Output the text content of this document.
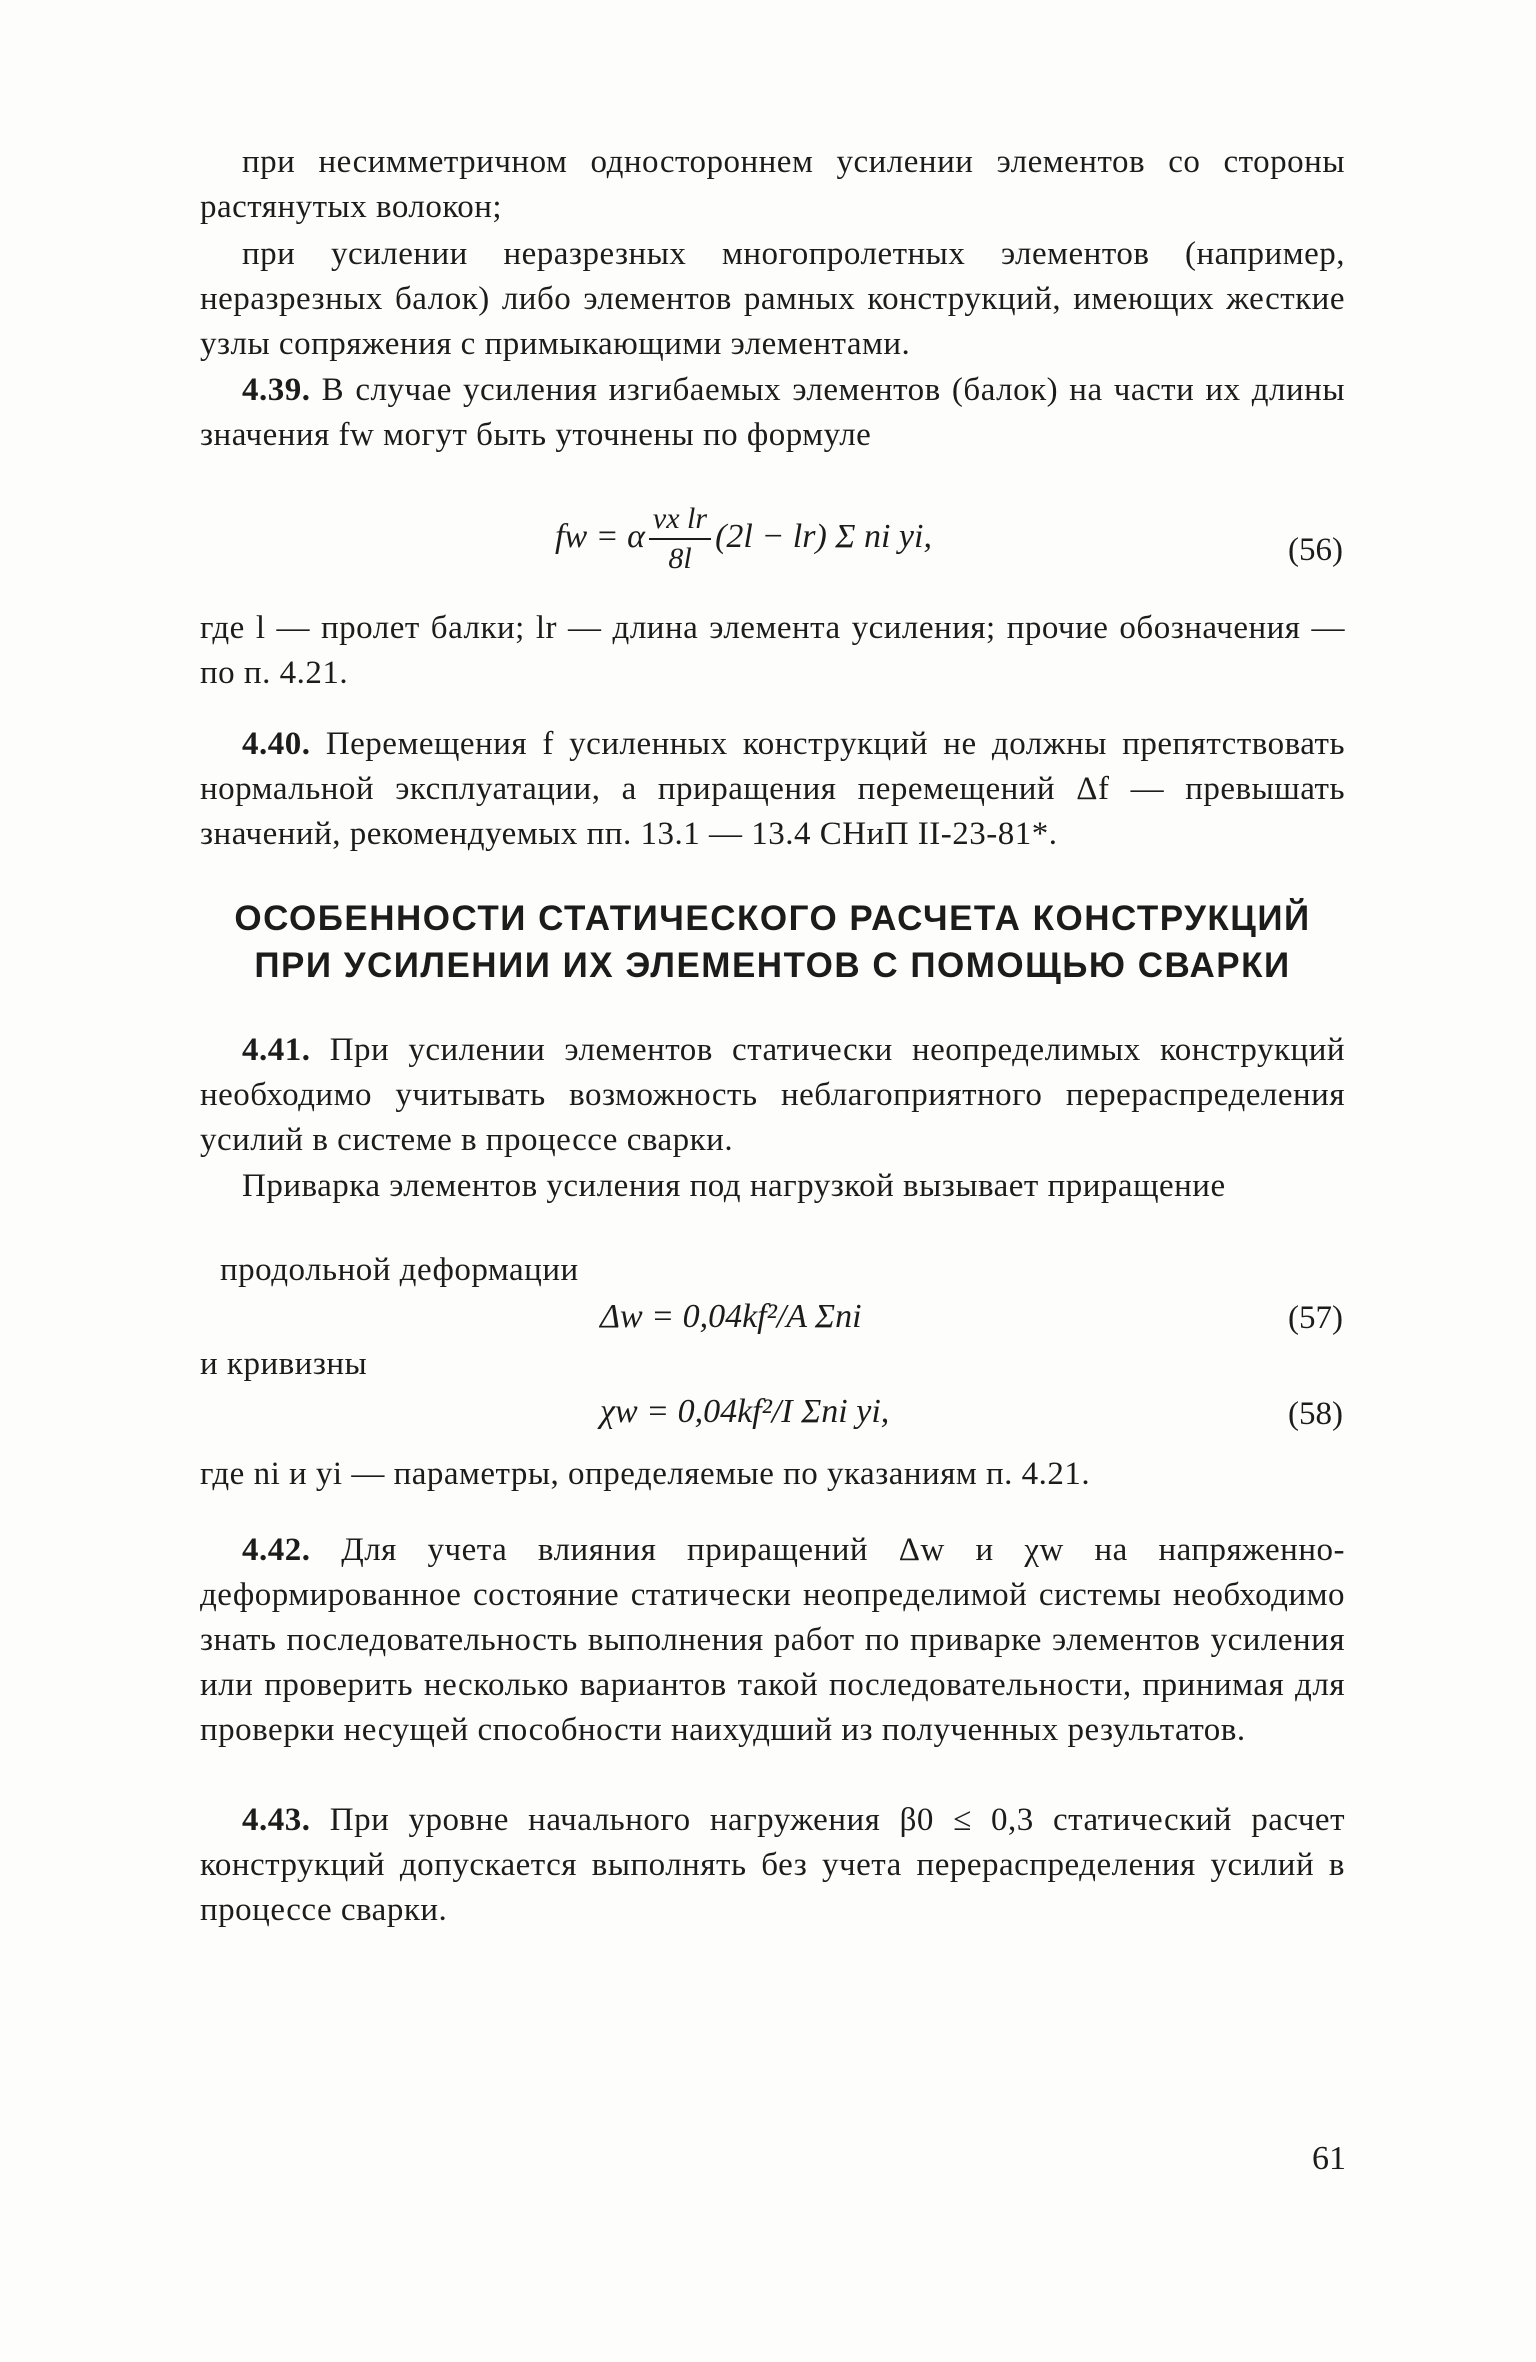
при несимметричном одностороннем усилении элементов со стороны растянутых волокон;

при усилении неразрезных многопролетных элементов (например, неразрезных балок) либо элементов рамных конструкций, имеющих жесткие узлы сопряжения с примыкающими элементами.

4.39. В случае усиления изгибаемых элементов (балок) на части их длины значения fw могут быть уточнены по формуле

fw = α $\frac{\text{vx lr}}{8l} (2l - lr)$ Σ ni yi,	(56)

где l — пролет балки; lr — длина элемента усиления; прочие обозначения — по п. 4.21.

4.40. Перемещения f усиленных конструкций не должны препятствовать нормальной эксплуатации, а приращения перемещений Δf — превышать значений, рекомендуемых пп. 13.1 — 13.4 СНиП II-23-81*.

ОСОБЕННОСТИ СТАТИЧЕСКОГО РАСЧЕТА КОНСТРУКЦИЙ
ПРИ УСИЛЕНИИ ИХ ЭЛЕМЕНТОВ С ПОМОЩЬЮ СВАРКИ

4.41. При усилении элементов статически неопределимых конструкций необходимо учитывать возможность неблагоприятного перераспределения усилий в системе в процессе сварки.

Приварка элементов усиления под нагрузкой вызывает приращение

продольной деформации
Δw = 0,04kf²/A Σni	(57)
и кривизны
χw = 0,04kf²/I Σni yi,	(58)

где ni и yi — параметры, определяемые по указаниям п. 4.21.

4.42. Для учета влияния приращений Δw и χw на напряженно-деформированное состояние статически неопределимой системы необходимо знать последовательность выполнения работ по приварке элементов усиления или проверить несколько вариантов такой последовательности, принимая для проверки несущей способности наихудший из полученных результатов.

4.43. При уровне начального нагружения β0 ≤ 0,3 статический расчет конструкций допускается выполнять без учета перераспределения усилий в процессе сварки.

61
